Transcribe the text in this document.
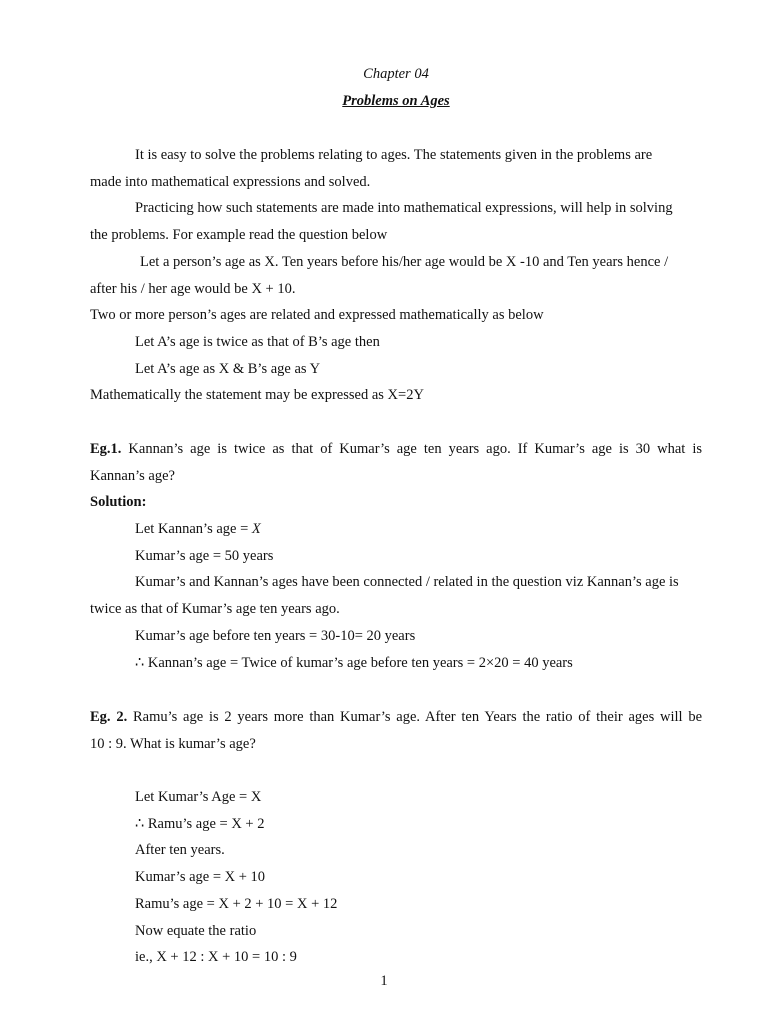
Chapter 04
Problems on Ages
It is easy to solve the problems relating to ages. The statements given in the problems are
made into mathematical expressions and solved.
Practicing how such statements are made into mathematical expressions, will help in solving
the problems. For example read the question below
Let a person’s age as X. Ten years before his/her age would be X -10 and Ten years hence /
after his / her age would be X + 10.
Two or more person’s ages are related and expressed mathematically as below
Let A’s age is twice as that of B’s age then
Let A’s age as X & B’s age as Y
Mathematically the statement may be expressed as X=2Y
Eg.1. Kannan’s age is twice as that of Kumar’s age ten years ago. If Kumar’s age is 30 what is
Kannan’s age?
Solution:
Let Kannan’s age = X
Kumar’s age = 50 years
Kumar’s and Kannan’s ages have been connected / related in the question viz Kannan’s age is
twice as that of Kumar’s age ten years ago.
Kumar’s age before ten years = 30-10= 20 years
∴ Kannan’s age = Twice of kumar’s age before ten years = 2×20 = 40 years
Eg. 2. Ramu’s age is 2 years more than Kumar’s age. After ten Years the ratio of their ages will be
10 : 9. What is kumar’s age?
Let Kumar’s Age = X
∴ Ramu’s age = X + 2
After ten years.
Kumar’s age = X + 10
Ramu’s age = X + 2 + 10 = X + 12
Now equate the ratio
ie., X + 12 : X + 10 = 10 : 9
1
